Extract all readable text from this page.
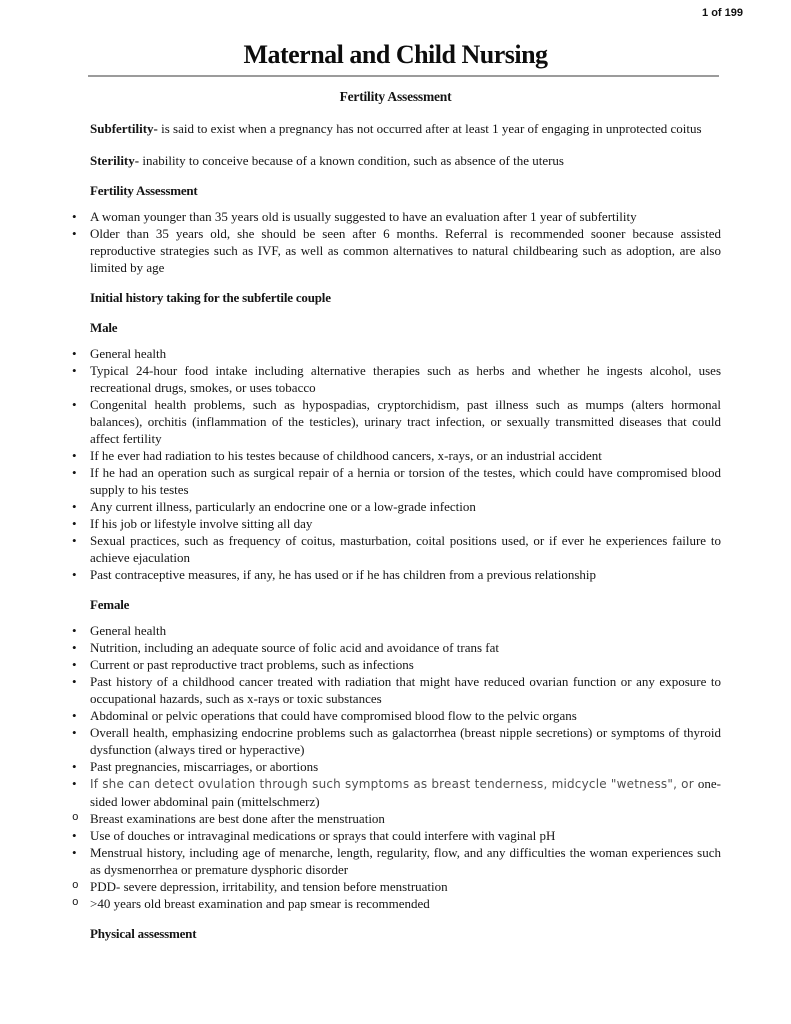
1 of 199
Maternal and Child Nursing
Fertility Assessment

Subfertility- is said to exist when a pregnancy has not occurred after at least 1 year of engaging in unprotected coitus

Sterility- inability to conceive because of a known condition, such as absence of the uterus

Fertility Assessment

• A woman younger than 35 years old is usually suggested to have an evaluation after 1 year of subfertility
• Older than 35 years old, she should be seen after 6 months. Referral is recommended sooner because assisted reproductive strategies such as IVF, as well as common alternatives to natural childbearing such as adoption, are also limited by age

Initial history taking for the subfertile couple

Male

• General health
• Typical 24-hour food intake including alternative therapies such as herbs and whether he ingests alcohol, uses recreational drugs, smokes, or uses tobacco
• Congenital health problems, such as hypospadias, cryptorchidism, past illness such as mumps (alters hormonal balances), orchitis (inflammation of the testicles), urinary tract infection, or sexually transmitted diseases that could affect fertility
• If he ever had radiation to his testes because of childhood cancers, x-rays, or an industrial accident
• If he had an operation such as surgical repair of a hernia or torsion of the testes, which could have compromised blood supply to his testes
• Any current illness, particularly an endocrine one or a low-grade infection
• If his job or lifestyle involve sitting all day
• Sexual practices, such as frequency of coitus, masturbation, coital positions used, or if ever he experiences failure to achieve ejaculation
• Past contraceptive measures, if any, he has used or if he has children from a previous relationship

Female

• General health
• Nutrition, including an adequate source of folic acid and avoidance of trans fat
• Current or past reproductive tract problems, such as infections
• Past history of a childhood cancer treated with radiation that might have reduced ovarian function or any exposure to occupational hazards, such as x-rays or toxic substances
• Abdominal or pelvic operations that could have compromised blood flow to the pelvic organs
• Overall health, emphasizing endocrine problems such as galactorrhea (breast nipple secretions) or symptoms of thyroid dysfunction (always tired or hyperactive)
• Past pregnancies, miscarriages, or abortions
• If she can detect ovulation through such symptoms as breast tenderness, midcycle "wetness", or one-sided lower abdominal pain (mittelschmerz)
o Breast examinations are best done after the menstruation
• Use of douches or intravaginal medications or sprays that could interfere with vaginal pH
• Menstrual history, including age of menarche, length, regularity, flow, and any difficulties the woman experiences such as dysmenorrhea or premature dysphoric disorder
o PDD- severe depression, irritability, and tension before menstruation
o >40 years old breast examination and pap smear is recommended

Physical assessment
